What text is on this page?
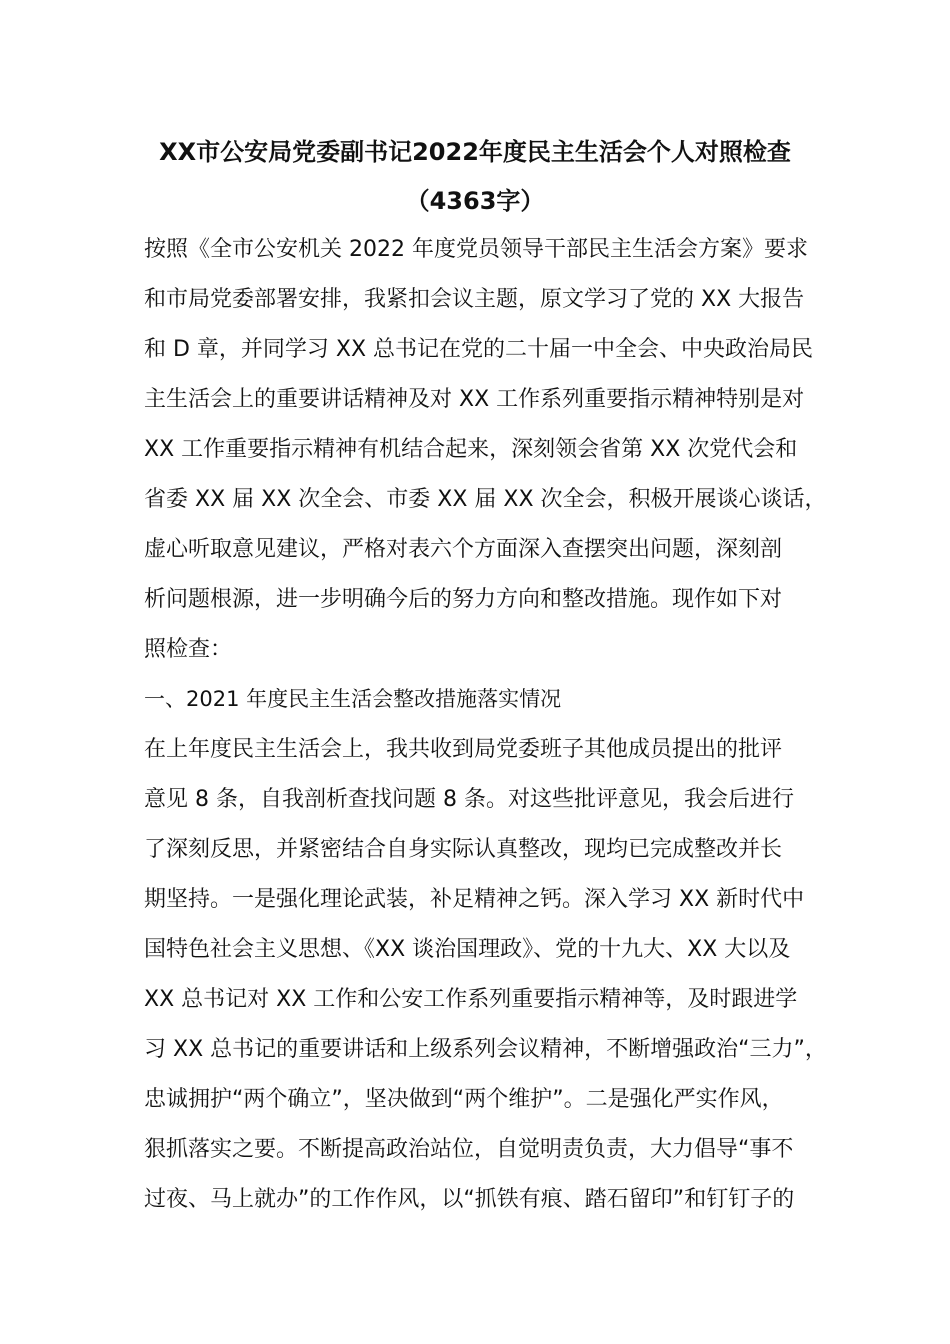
XX市公安局党委副书记2022年度民主生活会个人对照检查
（4363字）
按照《全市公安机关 2022 年度党员领导干部民主生活会方案》要求
和市局党委部署安排，我紧扣会议主题，原文学习了党的 XX 大报告
和 D 章，并同学习 XX 总书记在党的二十届一中全会、中央政治局民
主生活会上的重要讲话精神及对 XX 工作系列重要指示精神特别是对
XX 工作重要指示精神有机结合起来，深刻领会省第 XX 次党代会和
省委 XX 届 XX 次全会、市委 XX 届 XX 次全会，积极开展谈心谈话，
虚心听取意见建议，严格对表六个方面深入查摆突出问题，深刻剖
析问题根源，进一步明确今后的努力方向和整改措施。现作如下对
照检查：
一、2021 年度民主生活会整改措施落实情况
在上年度民主生活会上，我共收到局党委班子其他成员提出的批评
意见 8 条，自我剖析查找问题 8 条。对这些批评意见，我会后进行
了深刻反思，并紧密结合自身实际认真整改，现均已完成整改并长
期坚持。一是强化理论武装，补足精神之钙。深入学习 XX 新时代中
国特色社会主义思想、《XX 谈治国理政》、党的十九大、XX 大以及
XX 总书记对 XX 工作和公安工作系列重要指示精神等，及时跟进学
习 XX 总书记的重要讲话和上级系列会议精神，不断增强政治“三力”，
忠诚拥护“两个确立”，坚决做到“两个维护”。二是强化严实作风，
狠抓落实之要。不断提高政治站位，自觉明责负责，大力倡导“事不
过夜、马上就办”的工作作风，以“抓铁有痕、踏石留印”和钉钉子的
